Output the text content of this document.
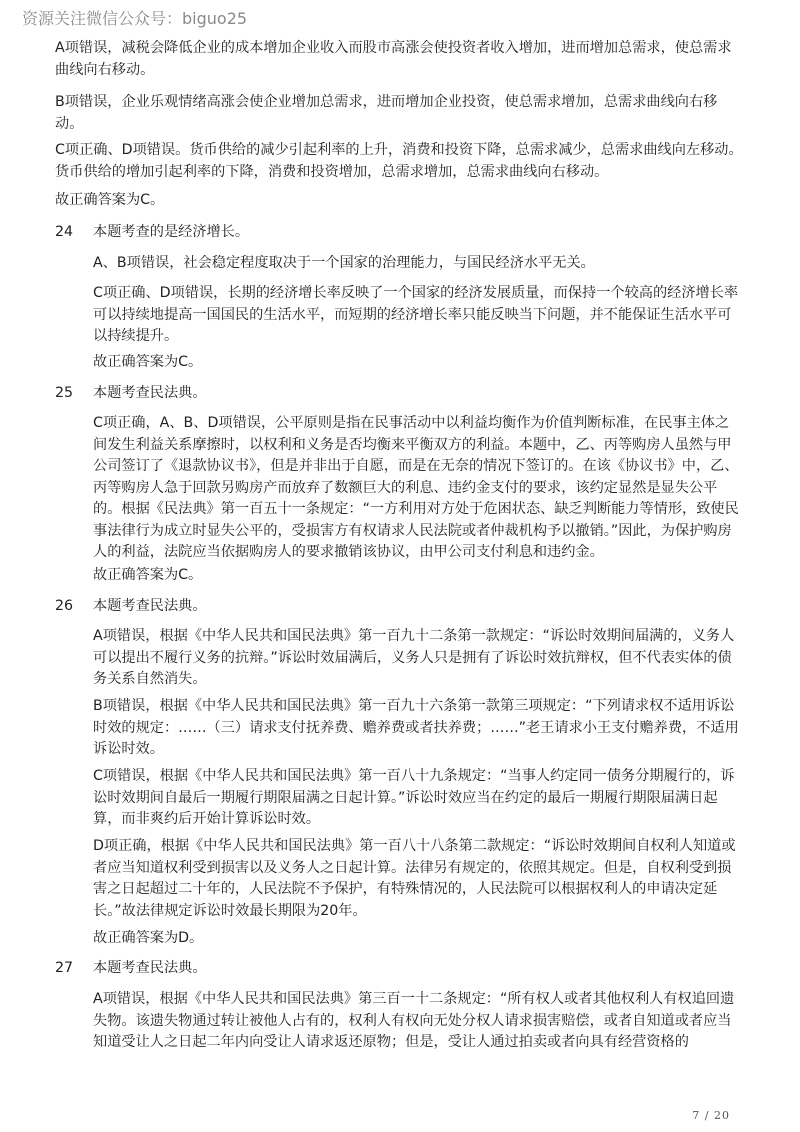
资源关注微信公众号：biguo25

A项错误，减税会降低企业的成本增加企业收入而股市高涨会使投资者收入增加，进而增加总需求，使总需求曲线向右移动。

B项错误，企业乐观情绪高涨会使企业增加总需求，进而增加企业投资，使总需求增加，总需求曲线向右移动。

C项正确、D项错误。货币供给的减少引起利率的上升，消费和投资下降，总需求减少，总需求曲线向左移动。货币供给的增加引起利率的下降，消费和投资增加，总需求增加，总需求曲线向右移动。

故正确答案为C。

24 本题考查的是经济增长。

A、B项错误，社会稳定程度取决于一个国家的治理能力，与国民经济水平无关。

C项正确、D项错误，长期的经济增长率反映了一个国家的经济发展质量，而保持一个较高的经济增长率可以持续地提高一国国民的生活水平，而短期的经济增长率只能反映当下问题，并不能保证生活水平可以持续提升。

故正确答案为C。

25 本题考查民法典。

C项正确，A、B、D项错误，公平原则是指在民事活动中以利益均衡作为价值判断标准，在民事主体之间发生利益关系摩擦时，以权利和义务是否均衡来平衡双方的利益。本题中，乙、丙等购房人虽然与甲公司签订了《退款协议书》，但是并非出于自愿，而是在无奈的情况下签订的。在该《协议书》中，乙、丙等购房人急于回款另购房产而放弃了数额巨大的利息、违约金支付的要求，该约定显然是显失公平的。根据《民法典》第一百五十一条规定：“一方利用对方处于危困状态、缺乏判断能力等情形，致使民事法律行为成立时显失公平的，受损害方有权请求人民法院或者仲裁机构予以撤销。”因此，为保护购房人的利益，法院应当依据购房人的要求撤销该协议，由甲公司支付利息和违约金。

故正确答案为C。

26 本题考查民法典。

A项错误，根据《中华人民共和国民法典》第一百九十二条第一款规定：“诉讼时效期间届满的，义务人可以提出不履行义务的抗辩。”诉讼时效届满后，义务人只是拥有了诉讼时效抗辩权，但不代表实体的债务关系自然消失。

B项错误，根据《中华人民共和国民法典》第一百九十六条第一款第三项规定：“下列请求权不适用诉讼时效的规定：……（三）请求支付抚养费、赡养费或者扶养费；……”老王请求小王支付赡养费，不适用诉讼时效。

C项错误，根据《中华人民共和国民法典》第一百八十九条规定：“当事人约定同一债务分期履行的，诉讼时效期间自最后一期履行期限届满之日起计算。”诉讼时效应当在约定的最后一期履行期限届满日起算，而非爽约后开始计算诉讼时效。

D项正确，根据《中华人民共和国民法典》第一百八十八条第二款规定：“诉讼时效期间自权利人知道或者应当知道权利受到损害以及义务人之日起计算。法律另有规定的，依照其规定。但是，自权利受到损害之日起超过二十年的，人民法院不予保护，有特殊情况的，人民法院可以根据权利人的申请决定延长。”故法律规定诉讼时效最长期限为20年。

故正确答案为D。

27 本题考查民法典。

A项错误，根据《中华人民共和国民法典》第三百一十二条规定：“所有权人或者其他权利人有权追回遗失物。该遗失物通过转让被他人占有的，权利人有权向无处分权人请求损害赔偿，或者自知道或者应当知道受让人之日起二年内向受让人请求返还原物；但是，受让人通过拍卖或者向具有经营资格的

7 / 20
